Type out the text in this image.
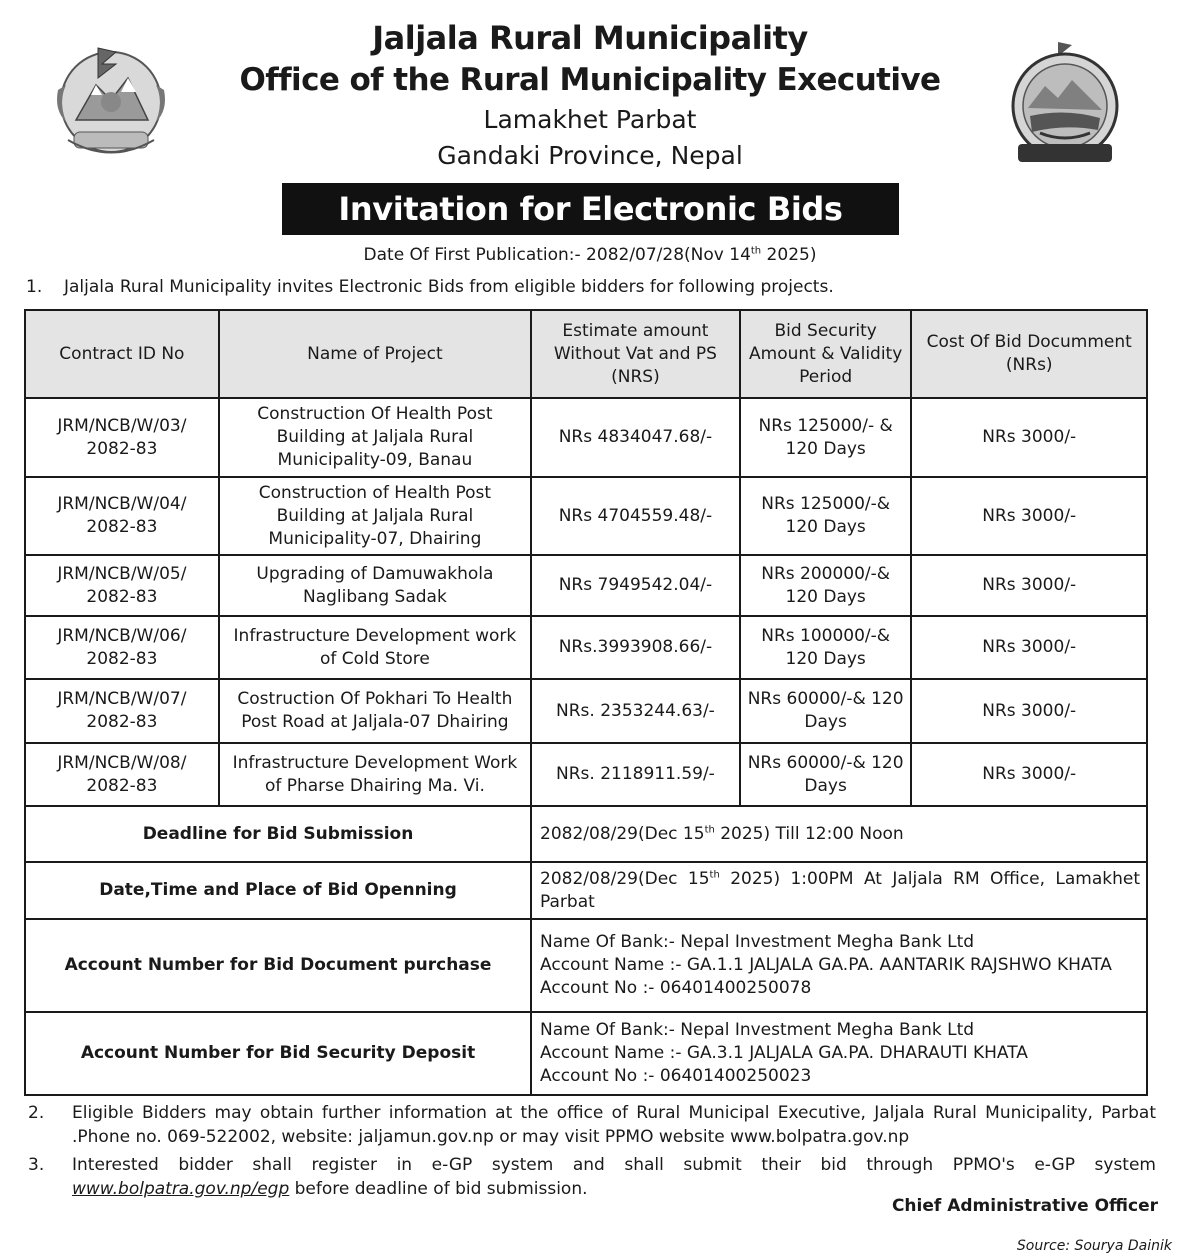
Jaljala Rural Municipality
Office of the Rural Municipality Executive
Lamakhet Parbat
Gandaki Province, Nepal
Invitation for Electronic Bids
Date Of First Publication:- 2082/07/28(Nov 14th 2025)
1. Jaljala Rural Municipality invites Electronic Bids from eligible bidders for following projects.
Contract ID No	Name of Project	Estimate amount Without Vat and PS (NRS)	Bid Security Amount & Validity Period	Cost Of Bid Documment (NRs)
JRM/NCB/W/03/ 2082-83	Construction Of Health Post Building at Jaljala Rural Municipality-09, Banau	NRs 4834047.68/-	NRs 125000/- & 120 Days	NRs 3000/-
JRM/NCB/W/04/ 2082-83	Construction of Health Post Building at Jaljala Rural Municipality-07, Dhairing	NRs 4704559.48/-	NRs 125000/-& 120 Days	NRs 3000/-
JRM/NCB/W/05/ 2082-83	Upgrading of Damuwakhola Naglibang Sadak	NRs 7949542.04/-	NRs 200000/-& 120 Days	NRs 3000/-
JRM/NCB/W/06/ 2082-83	Infrastructure Development work of Cold Store	NRs.3993908.66/-	NRs 100000/-& 120 Days	NRs 3000/-
JRM/NCB/W/07/ 2082-83	Costruction Of Pokhari To Health Post Road at Jaljala-07 Dhairing	NRs. 2353244.63/-	NRs 60000/-& 120 Days	NRs 3000/-
JRM/NCB/W/08/ 2082-83	Infrastructure Development Work of Pharse Dhairing Ma. Vi.	NRs. 2118911.59/-	NRs 60000/-& 120 Days	NRs 3000/-
Deadline for Bid Submission		2082/08/29(Dec 15th 2025) Till 12:00 Noon		
Date,Time and Place of Bid Openning		2082/08/29(Dec 15th 2025) 1:00PM At Jaljala RM Office, Lamakhet Parbat		
Account Number for Bid Document purchase		Name Of Bank:- Nepal Investment Megha Bank Ltd
Account Name :- GA.1.1 JALJALA GA.PA. AANTARIK RAJSHWO KHATA
Account No :- 06401400250078		

Account Number for Bid Security Deposit		Name Of Bank:- Nepal Investment Megha Bank Ltd
Account Name :- GA.3.1 JALJALA GA.PA. DHARAUTI KHATA
Account No :- 06401400250023		
2. Eligible Bidders may obtain further information at the office of Rural Municipal Executive, Jaljala Rural Municipality, Parbat .Phone no. 069-522002, website: jaljamun.gov.np or may visit PPMO website www.bolpatra.gov.np
3. Interested bidder shall register in e-GP system and shall submit their bid through PPMO's e-GP system www.bolpatra.gov.np/egp before deadline of bid submission.
Chief Administrative Officer
Source: Sourya Dainik
